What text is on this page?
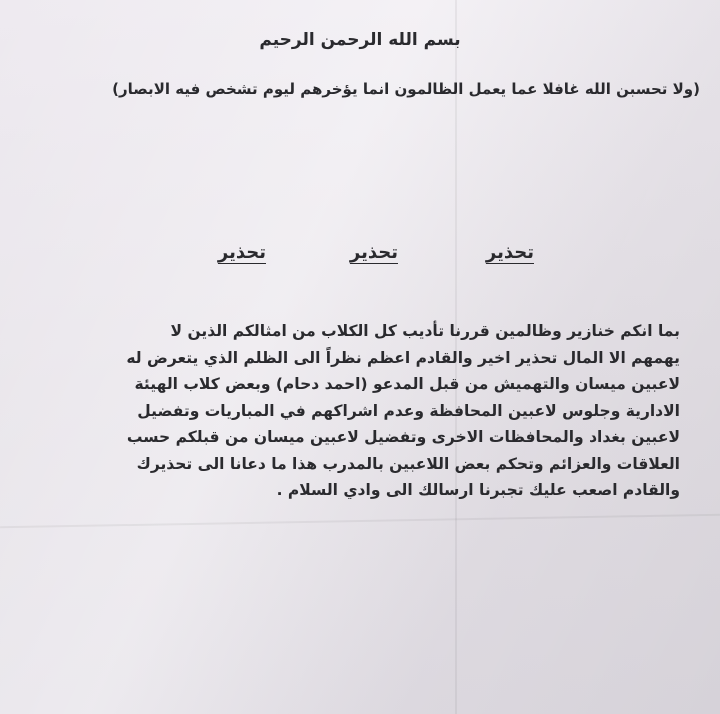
بسم الله الرحمن الرحيم
(ولا تحسبن الله غافلا عما يعمل الظالمون انما يؤخرهم ليوم تشخص فيه الابصار)
تحذير
تحذير
تحذير

بما انكم خنازير وظالمين قررنا تأديب كل الكلاب من امثالكم الذين لا

يهمهم الا المال تحذير اخير والقادم اعظم نظراً الى الظلم الذي يتعرض له

لاعبين ميسان والتهميش من قبل المدعو (احمد دحام) وبعض كلاب الهيئة

الادارية وجلوس لاعبين المحافظة وعدم اشراكهم في المباريات وتفضيل

لاعبين بغداد والمحافظات الاخرى وتفضيل لاعبين ميسان من قبلكم حسب

العلاقات والعزائم وتحكم بعض اللاعبين بالمدرب هذا ما دعانا الى تحذيرك

والقادم اصعب عليك تجبرنا ارسالك الى وادي السلام .
